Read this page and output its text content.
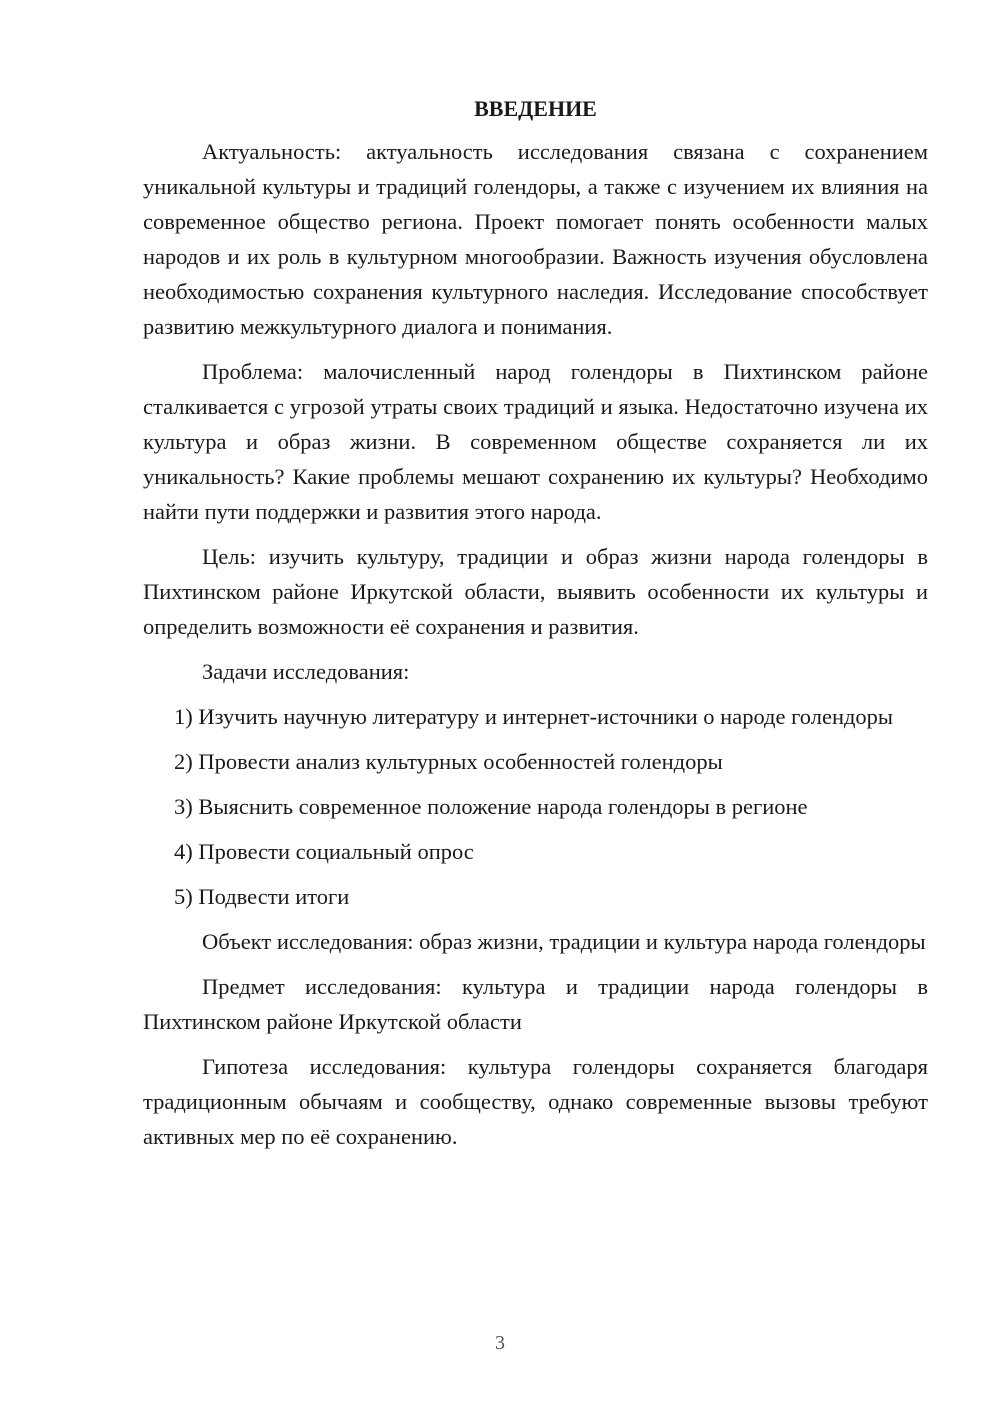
ВВЕДЕНИЕ

Актуальность: актуальность исследования связана с сохранением уникальной культуры и традиций голендоры, а также с изучением их влияния на современное общество региона. Проект помогает понять особенности малых народов и их роль в культурном многообразии. Важность изучения обусловлена необходимостью сохранения культурного наследия. Исследование способствует развитию межкультурного диалога и понимания.

Проблема: малочисленный народ голендоры в Пихтинском районе сталкивается с угрозой утраты своих традиций и языка. Недостаточно изучена их культура и образ жизни. В современном обществе сохраняется ли их уникальность? Какие проблемы мешают сохранению их культуры? Необходимо найти пути поддержки и развития этого народа.

Цель: изучить культуру, традиции и образ жизни народа голендоры в Пихтинском районе Иркутской области, выявить особенности их культуры и определить возможности её сохранения и развития.

Задачи исследования:

1) Изучить научную литературу и интернет-источники о народе голендоры

2) Провести анализ культурных особенностей голендоры

3) Выяснить современное положение народа голендоры в регионе

4) Провести социальный опрос

5) Подвести итоги

Объект исследования: образ жизни, традиции и культура народа голендоры

Предмет исследования: культура и традиции народа голендоры в Пихтинском районе Иркутской области

Гипотеза исследования: культура голендоры сохраняется благодаря традиционным обычаям и сообществу, однако современные вызовы требуют активных мер по её сохранению.

3
